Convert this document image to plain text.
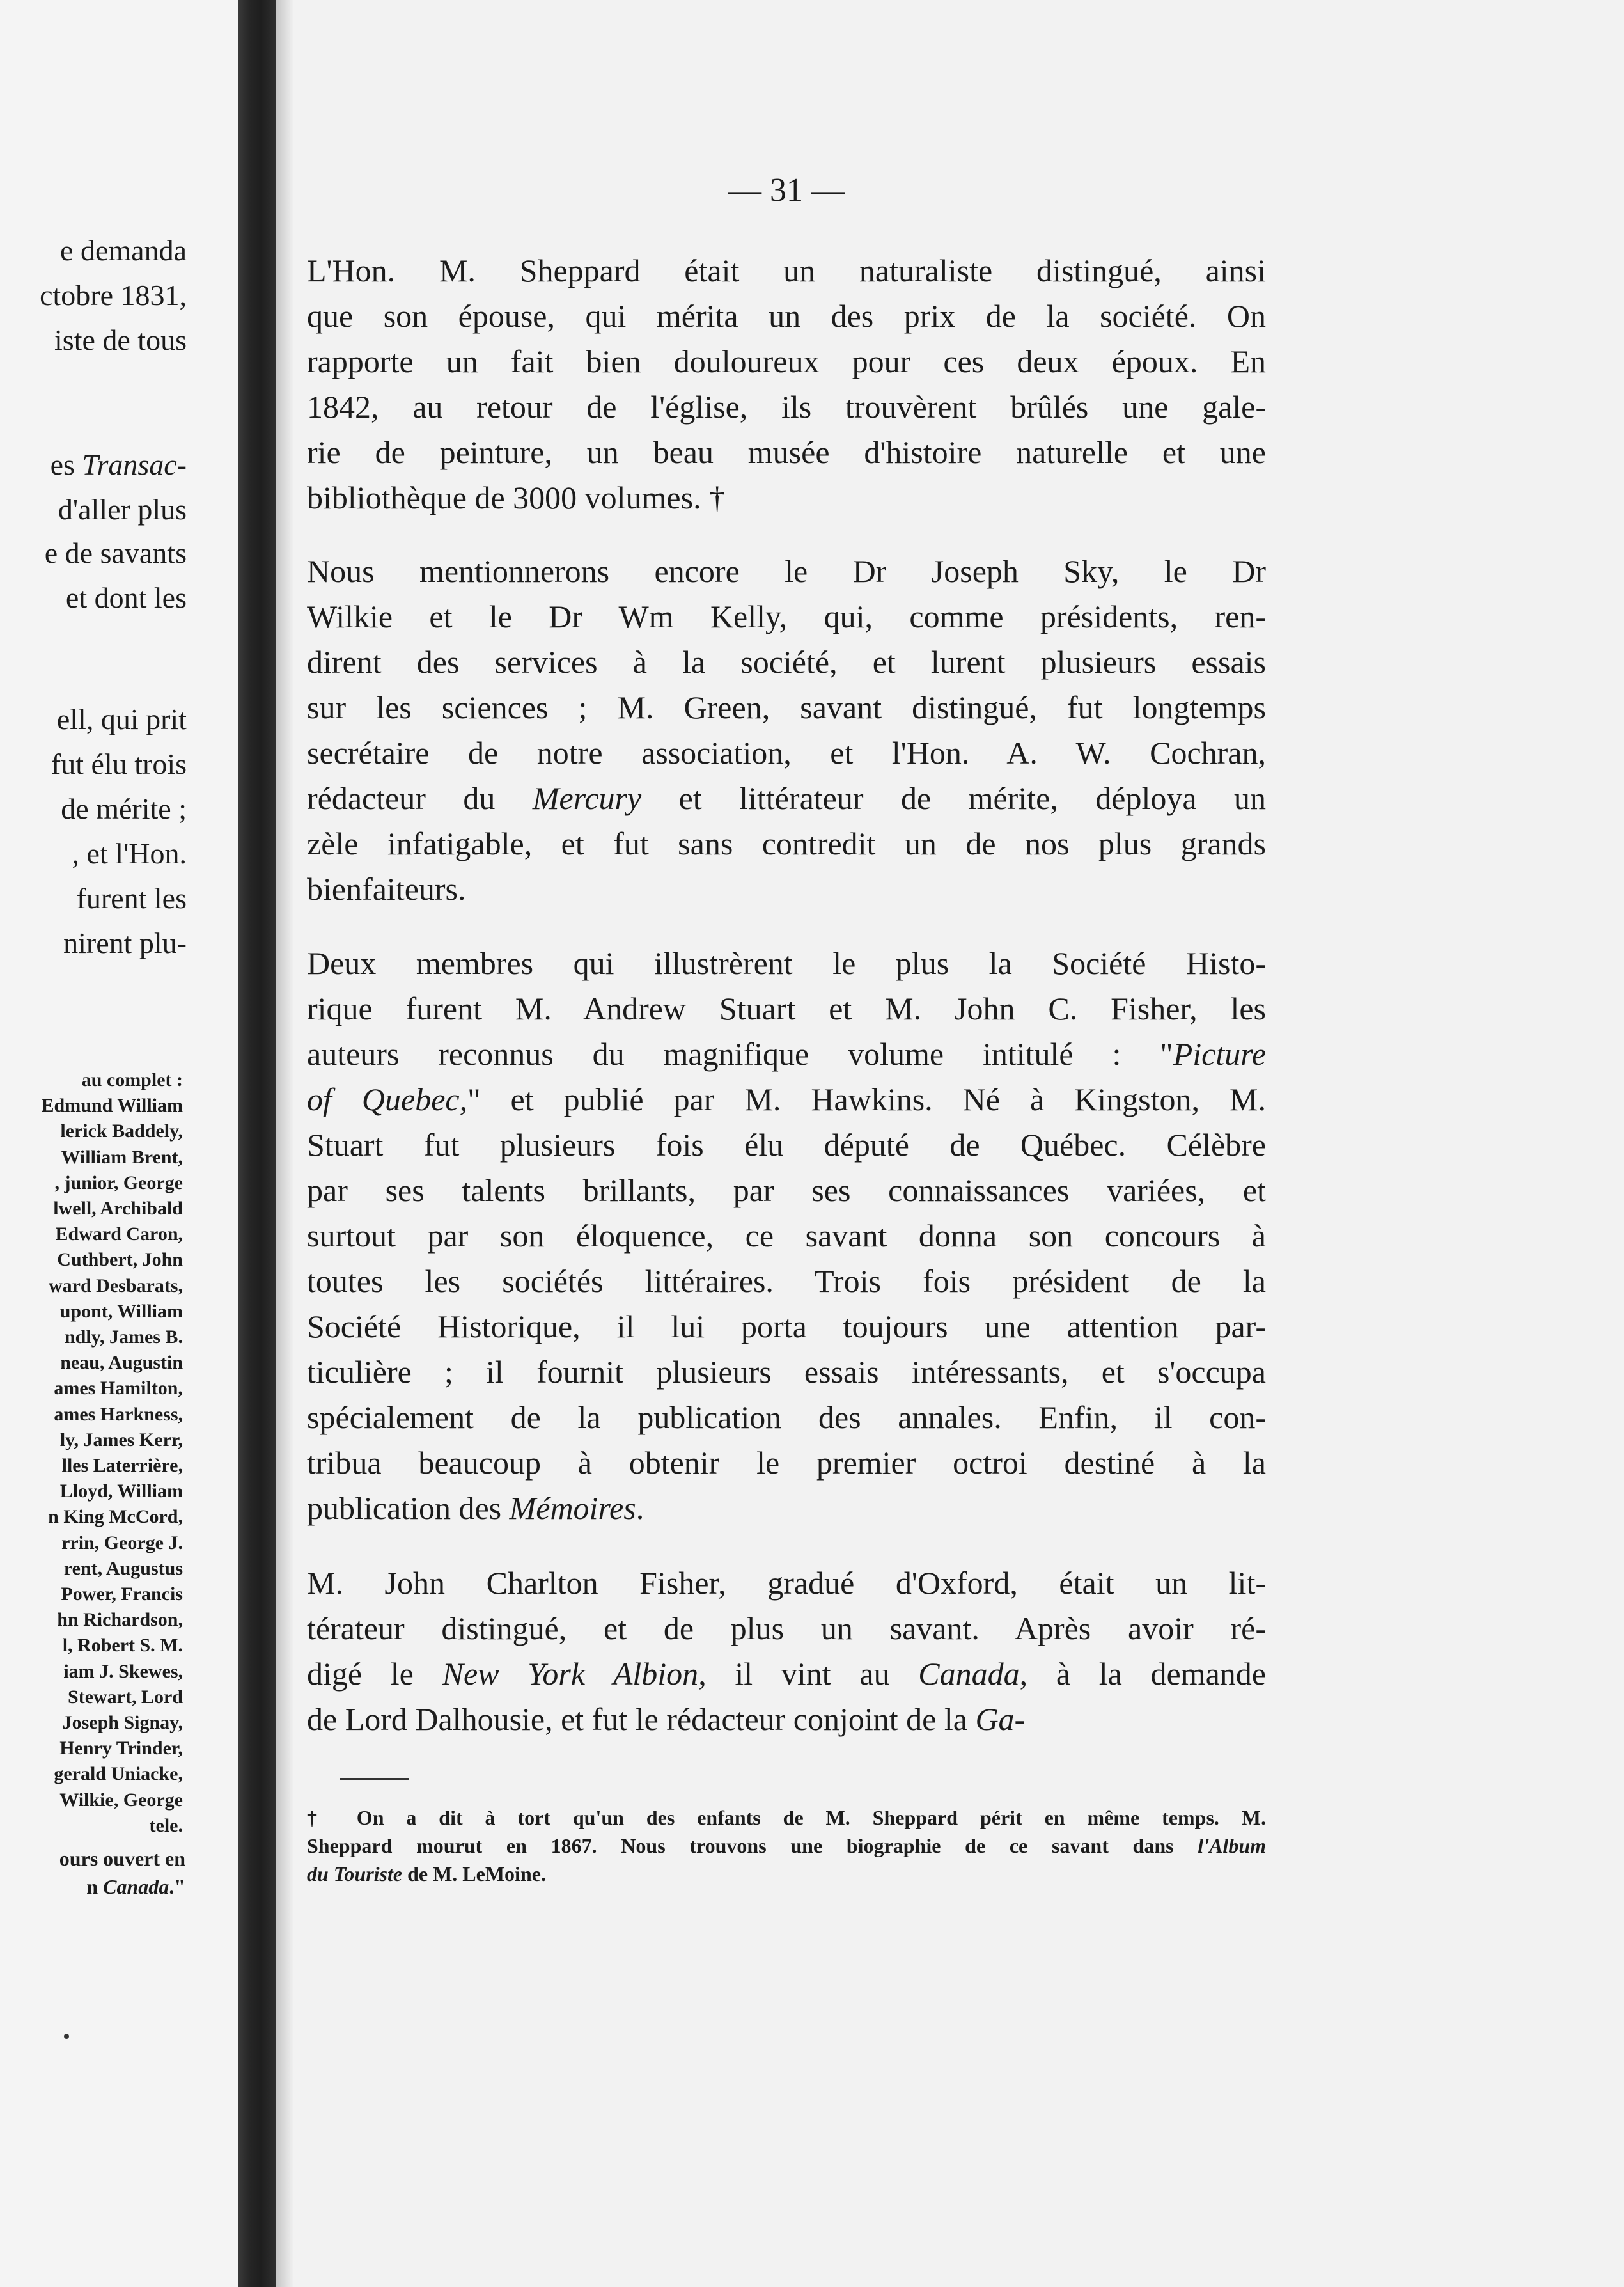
e demanda
ctobre 1831,
iste de tous
es Transac-
d'aller plus
e de savants
et dont les
ell, qui prit
fut élu trois
de mérite ;
, et l'Hon.
furent les
nirent plu-
au complet :
Edmund William
lerick Baddely,
William Brent,
, junior, George
lwell, Archibald
Edward Caron,
Cuthbert, John
ward Desbarats,
upont, William
ndly, James B.
neau, Augustin
ames Hamilton,
ames Harkness,
ly, James Kerr,
lles Laterrière,
Lloyd, William
n King McCord,
rrin, George J.
rent, Augustus
Power, Francis
hn Richardson,
l, Robert S. M.
iam J. Skewes,
Stewart, Lord
Joseph Signay,
Henry Trinder,
gerald Uniacke,
Wilkie, George
tele.
ours ouvert en
n Canada."
— 31 —
L'Hon. M. Sheppard était un naturaliste distingué, ainsi
que son épouse, qui mérita un des prix de la société. On
rapporte un fait bien douloureux pour ces deux époux. En
1842, au retour de l'église, ils trouvèrent brûlés une gale-
rie de peinture, un beau musée d'histoire naturelle et une
bibliothèque de 3000 volumes. †
Nous mentionnerons encore le Dr Joseph Sky, le Dr
Wilkie et le Dr Wm Kelly, qui, comme présidents, ren-
dirent des services à la société, et lurent plusieurs essais
sur les sciences ; M. Green, savant distingué, fut longtemps
secrétaire de notre association, et l'Hon. A. W. Cochran,
rédacteur du Mercury et littérateur de mérite, déploya un
zèle infatigable, et fut sans contredit un de nos plus grands
bienfaiteurs.
Deux membres qui illustrèrent le plus la Société Histo-
rique furent M. Andrew Stuart et M. John C. Fisher, les
auteurs reconnus du magnifique volume intitulé : "Picture
of Quebec," et publié par M. Hawkins. Né à Kingston, M.
Stuart fut plusieurs fois élu député de Québec. Célèbre
par ses talents brillants, par ses connaissances variées, et
surtout par son éloquence, ce savant donna son concours à
toutes les sociétés littéraires. Trois fois président de la
Société Historique, il lui porta toujours une attention par-
ticulière ; il fournit plusieurs essais intéressants, et s'occupa
spécialement de la publication des annales. Enfin, il con-
tribua beaucoup à obtenir le premier octroi destiné à la
publication des Mémoires.
M. John Charlton Fisher, gradué d'Oxford, était un lit-
térateur distingué, et de plus un savant. Après avoir ré-
digé le New York Albion, il vint au Canada, à la demande
de Lord Dalhousie, et fut le rédacteur conjoint de la Ga-
† On a dit à tort qu'un des enfants de M. Sheppard périt en même temps. M.
Sheppard mourut en 1867. Nous trouvons une biographie de ce savant dans l'Album
du Touriste de M. LeMoine.
